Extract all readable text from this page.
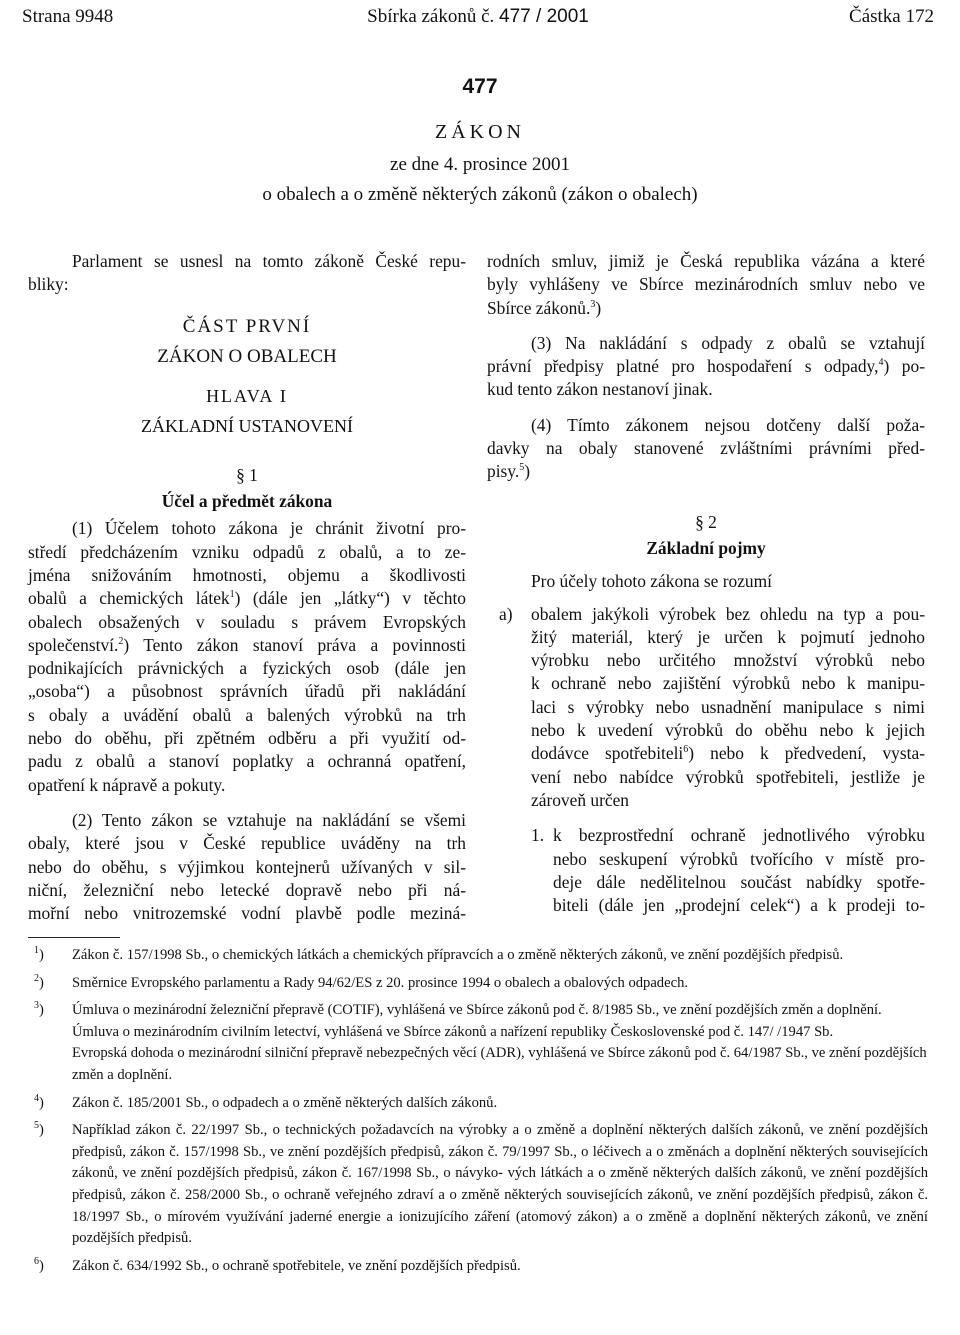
Strana 9948	Sbírka zákonů č. 477 / 2001	Částka 172
477
ZÁKON
ze dne 4. prosince 2001
o obalech a o změně některých zákonů (zákon o obalech)

Parlament se usnesl na tomto zákoně České repu-

bliky:

ČÁST PRVNÍ

ZÁKON O OBALECH

HLAVA I

ZÁKLADNÍ USTANOVENÍ

§ 1

Účel a předmět zákona

(1) Účelem tohoto zákona je chránit životní pro-

středí předcházením vzniku odpadů z obalů, a to ze-

jména snižováním hmotnosti, objemu a škodlivosti

obalů a chemických látek$^1$) (dále jen „látky“) v těchto

obalech obsažených v souladu s právem Evropských

společenství.$^2$) Tento zákon stanoví práva a povinnosti

podnikajících právnických a fyzických osob (dále jen

„osoba“) a působnost správních úřadů při nakládání

s obaly a uvádění obalů a balených výrobků na trh

nebo do oběhu, při zpětném odběru a při využití od-

padu z obalů a stanoví poplatky a ochranná opatření,

opatření k nápravě a pokuty.

(2) Tento zákon se vztahuje na nakládání se všemi

obaly, které jsou v České republice uváděny na trh

nebo do oběhu, s výjimkou kontejnerů užívaných v sil-

niční, železniční nebo letecké dopravě nebo při ná-

mořní nebo vnitrozemské vodní plavbě podle meziná-

rodních smluv, jimiž je Česká republika vázána a které

byly vyhlášeny ve Sbírce mezinárodních smluv nebo ve

Sbírce zákonů.$^3$)

(3) Na nakládání s odpady z obalů se vztahují

právní předpisy platné pro hospodaření s odpady,$^4$) po-

kud tento zákon nestanoví jinak.

(4) Tímto zákonem nejsou dotčeny další poža-

davky na obaly stanovené zvláštními právními před-

pisy.$^5$)

§ 2

Základní pojmy

Pro účely tohoto zákona se rozumí

a) obalem jakýkoli výrobek bez ohledu na typ a pou-

žitý materiál, který je určen k pojmutí jednoho

výrobku nebo určitého množství výrobků nebo

k ochraně nebo zajištění výrobků nebo k manipu-

laci s výrobky nebo usnadnění manipulace s nimi

nebo k uvedení výrobků do oběhu nebo k jejich

dodávce spotřebiteli$^6$) nebo k předvedení, vysta-

vení nebo nabídce výrobků spotřebiteli, jestliže je

zároveň určen

1. k bezprostřední ochraně jednotlivého výrobku

nebo seskupení výrobků tvořícího v místě pro-

deje dále nedělitelnou součást nabídky spotře-

biteli (dále jen „prodejní celek“) a k prodeji to-

$^1$) Zákon č. 157/1998 Sb., o chemických látkách a chemických přípravcích a o změně některých zákonů, ve znění pozdějších předpisů.

$^2$) Směrnice Evropského parlamentu a Rady 94/62/ES z 20. prosince 1994 o obalech a obalových odpadech.

$^3$) Úmluva o mezinárodní železniční přepravě (COTIF), vyhlášená ve Sbírce zákonů pod č. 8/1985 Sb., ve znění pozdějších změn a doplnění.

Úmluva o mezinárodním civilním letectví, vyhlášená ve Sbírce zákonů a nařízení republiky Československé pod č. 147/ /1947 Sb.

Evropská dohoda o mezinárodní silniční přepravě nebezpečných věcí (ADR), vyhlášená ve Sbírce zákonů pod č. 64/1987 Sb., ve znění pozdějších změn a doplnění.

$^4$) Zákon č. 185/2001 Sb., o odpadech a o změně některých dalších zákonů.

$^5$) Například zákon č. 22/1997 Sb., o technických požadavcích na výrobky a o změně a doplnění některých dalších zákonů, ve znění pozdějších předpisů, zákon č. 157/1998 Sb., ve znění pozdějších předpisů, zákon č. 79/1997 Sb., o léčivech a o změnách a doplnění některých souvisejících zákonů, ve znění pozdějších předpisů, zákon č. 167/1998 Sb., o návyko- vých látkách a o změně některých dalších zákonů, ve znění pozdějších předpisů, zákon č. 258/2000 Sb., o ochraně veřejného zdraví a o změně některých souvisejících zákonů, ve znění pozdějších předpisů, zákon č. 18/1997 Sb., o mírovém využívání jaderné energie a ionizujícího záření (atomový zákon) a o změně a doplnění některých zákonů, ve znění pozdějších předpisů.

$^6$) Zákon č. 634/1992 Sb., o ochraně spotřebitele, ve znění pozdějších předpisů.
